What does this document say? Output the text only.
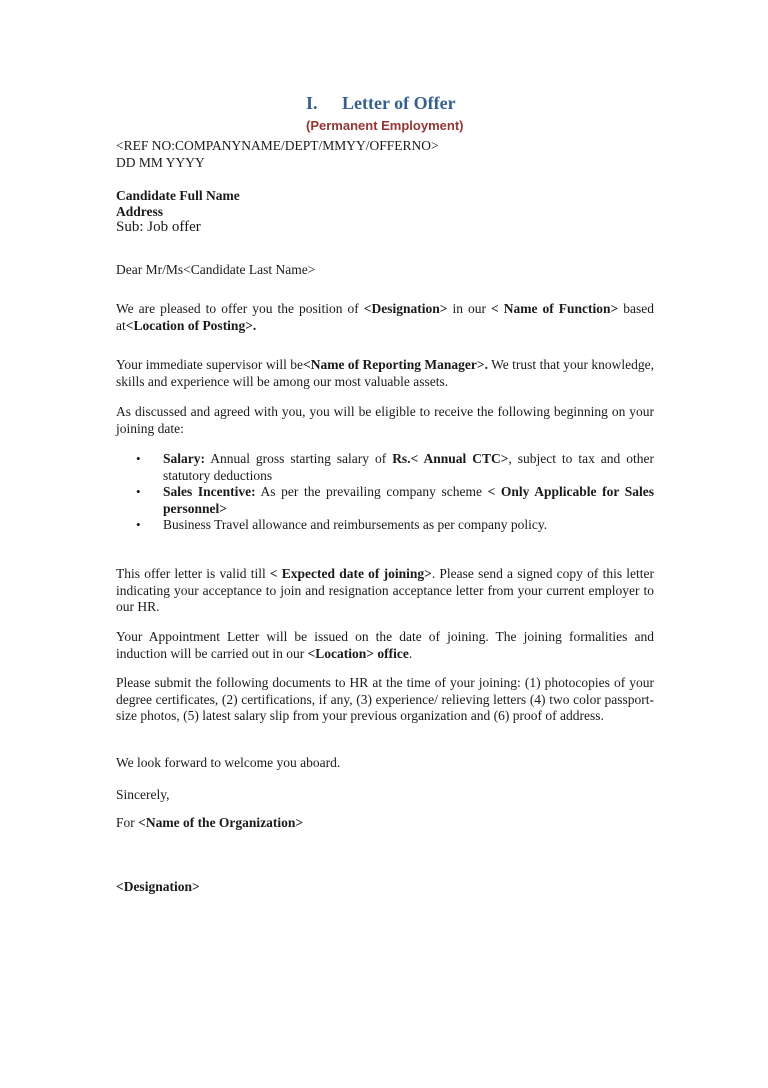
I. Letter of Offer
(Permanent Employment)
<REF NO:COMPANYNAME/DEPT/MMYY/OFFERNO>
DD MM YYYY
Candidate Full Name
Address
Sub: Job offer
Dear Mr/Ms<Candidate Last Name>
We are pleased to offer you the position of <Designation> in our < Name of Function> based at<Location of Posting>.
Your immediate supervisor will be<Name of Reporting Manager>. We trust that your knowledge, skills and experience will be among our most valuable assets.
As discussed and agreed with you, you will be eligible to receive the following beginning on your joining date:
• Salary: Annual gross starting salary of Rs.< Annual CTC>, subject to tax and other statutory deductions
• Sales Incentive: As per the prevailing company scheme < Only Applicable for Sales personnel>
• Business Travel allowance and reimbursements as per company policy.
This offer letter is valid till < Expected date of joining>. Please send a signed copy of this letter indicating your acceptance to join and resignation acceptance letter from your current employer to our HR.
Your Appointment Letter will be issued on the date of joining. The joining formalities and induction will be carried out in our <Location> office.
Please submit the following documents to HR at the time of your joining: (1) photocopies of your degree certificates, (2) certifications, if any, (3) experience/ relieving letters (4) two color passport-size photos, (5) latest salary slip from your previous organization and (6) proof of address.
We look forward to welcome you aboard.
Sincerely,
For <Name of the Organization>
<Designation>
